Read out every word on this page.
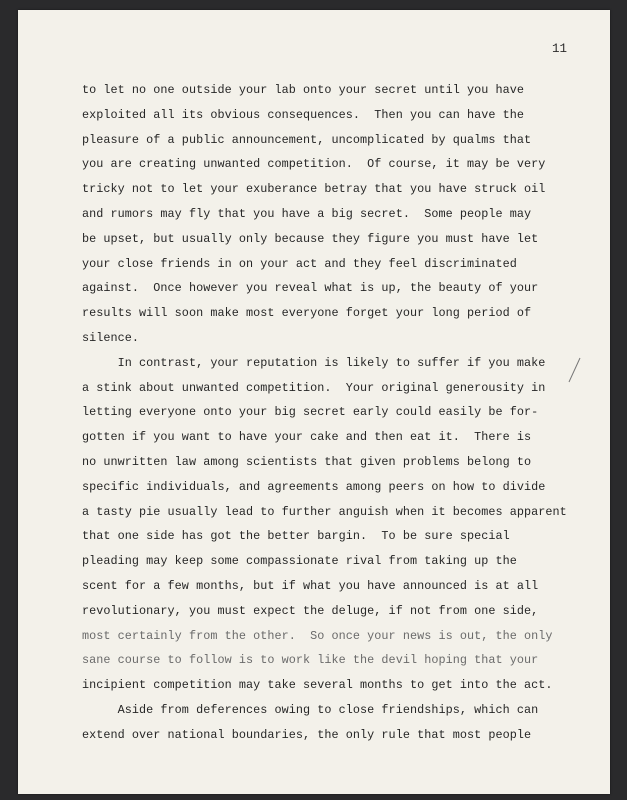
11
to let no one outside your lab onto your secret until you have
exploited all its obvious consequences.  Then you can have the
pleasure of a public announcement, uncomplicated by qualms that
you are creating unwanted competition.  Of course, it may be very
tricky not to let your exuberance betray that you have struck oil
and rumors may fly that you have a big secret.  Some people may
be upset, but usually only because they figure you must have let
your close friends in on your act and they feel discriminated
against.  Once however you reveal what is up, the beauty of your
results will soon make most everyone forget your long period of
silence.
In contrast, your reputation is likely to suffer if you make
a stink about unwanted competition.  Your original generousity in
letting everyone onto your big secret early could easily be for-
gotten if you want to have your cake and then eat it.  There is
no unwritten law among scientists that given problems belong to
specific individuals, and agreements among peers on how to divide
a tasty pie usually lead to further anguish when it becomes apparent
that one side has got the better bargin.  To be sure special
pleading may keep some compassionate rival from taking up the
scent for a few months, but if what you have announced is at all
revolutionary, you must expect the deluge, if not from one side,
most certainly from the other.  So once your news is out, the only
sane course to follow is to work like the devil hoping that your
incipient competition may take several months to get into the act.
Aside from deferences owing to close friendships, which can
extend over national boundaries, the only rule that most people
